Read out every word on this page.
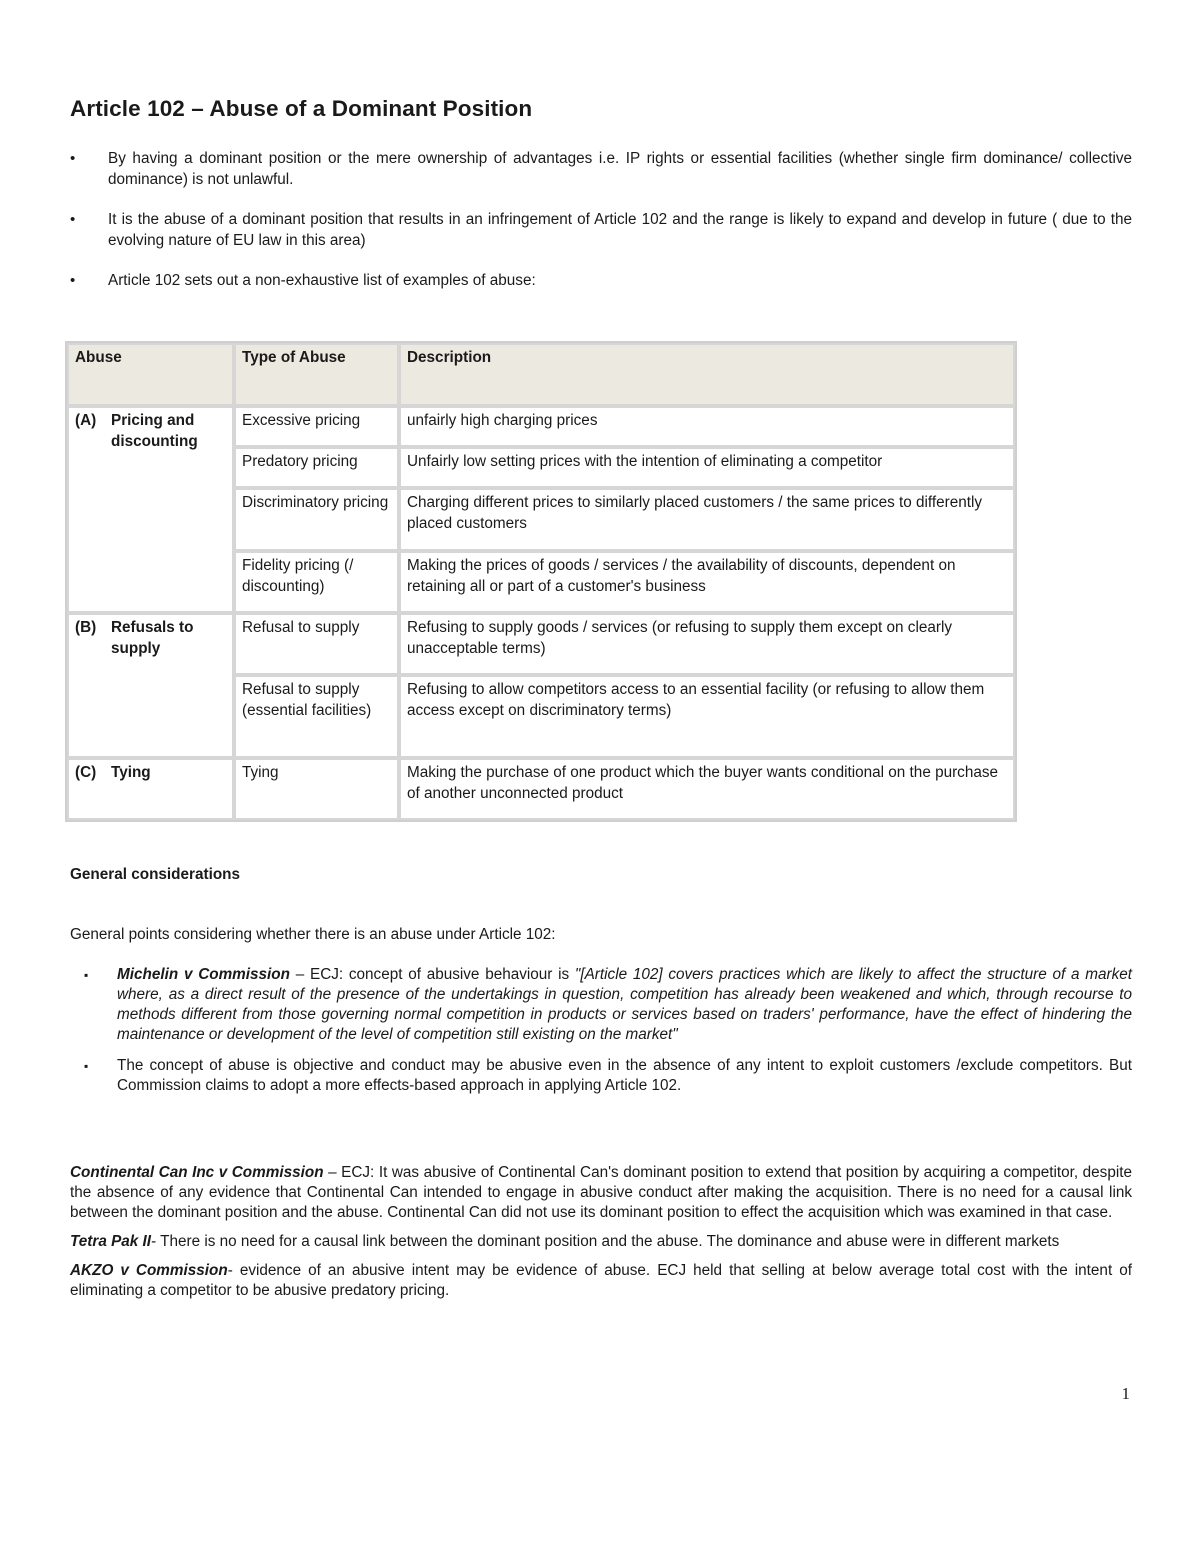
Article 102 – Abuse of a Dominant Position
• By having a dominant position or the mere ownership of advantages i.e. IP rights or essential facilities (whether single firm dominance/ collective dominance) is not unlawful.
• It is the abuse of a dominant position that results in an infringement of Article 102 and the range is likely to expand and develop in future ( due to the evolving nature of EU law in this area)
• Article 102 sets out a non-exhaustive list of examples of abuse:
Abuse	Type of Abuse	Description

(A) Pricing and discounting	Excessive pricing	unfairly high charging prices
	Predatory pricing	Unfairly low setting prices with the intention of eliminating a competitor
	Discriminatory pricing	Charging different prices to similarly placed customers / the same prices to differently placed customers
	Fidelity pricing (/ discounting)	Making the prices of goods / services / the availability of discounts, dependent on retaining all or part of a customer's business

(B) Refusals to supply	Refusal to supply	Refusing to supply goods / services (or refusing to supply them except on clearly unacceptable terms)
	Refusal to supply (essential facilities)	Refusing to allow competitors access to an essential facility (or refusing to allow them access except on discriminatory terms)

(C) Tying	Tying	Making the purchase of one product which the buyer wants conditional on the purchase of another unconnected product
General considerations

General points considering whether there is an abuse under Article 102:

▪ Michelin v Commission – ECJ: concept of abusive behaviour is "[Article 102] covers practices which are likely to affect the structure of a market where, as a direct result of the presence of the undertakings in question, competition has already been weakened and which, through recourse to methods different from those governing normal competition in products or services based on traders' performance, have the effect of hindering the maintenance or development of the level of competition still existing on the market"
▪ The concept of abuse is objective and conduct may be abusive even in the absence of any intent to exploit customers /exclude competitors. But Commission claims to adopt a more effects-based approach in applying Article 102.

Continental Can Inc v Commission – ECJ: It was abusive of Continental Can's dominant position to extend that position by acquiring a competitor, despite the absence of any evidence that Continental Can intended to engage in abusive conduct after making the acquisition. There is no need for a causal link between the dominant position and the abuse. Continental Can did not use its dominant position to effect the acquisition which was examined in that case.

Tetra Pak II- There is no need for a causal link between the dominant position and the abuse. The dominance and abuse were in different markets

AKZO v Commission- evidence of an abusive intent may be evidence of abuse. ECJ held that selling at below average total cost with the intent of eliminating a competitor to be abusive predatory pricing.

1
